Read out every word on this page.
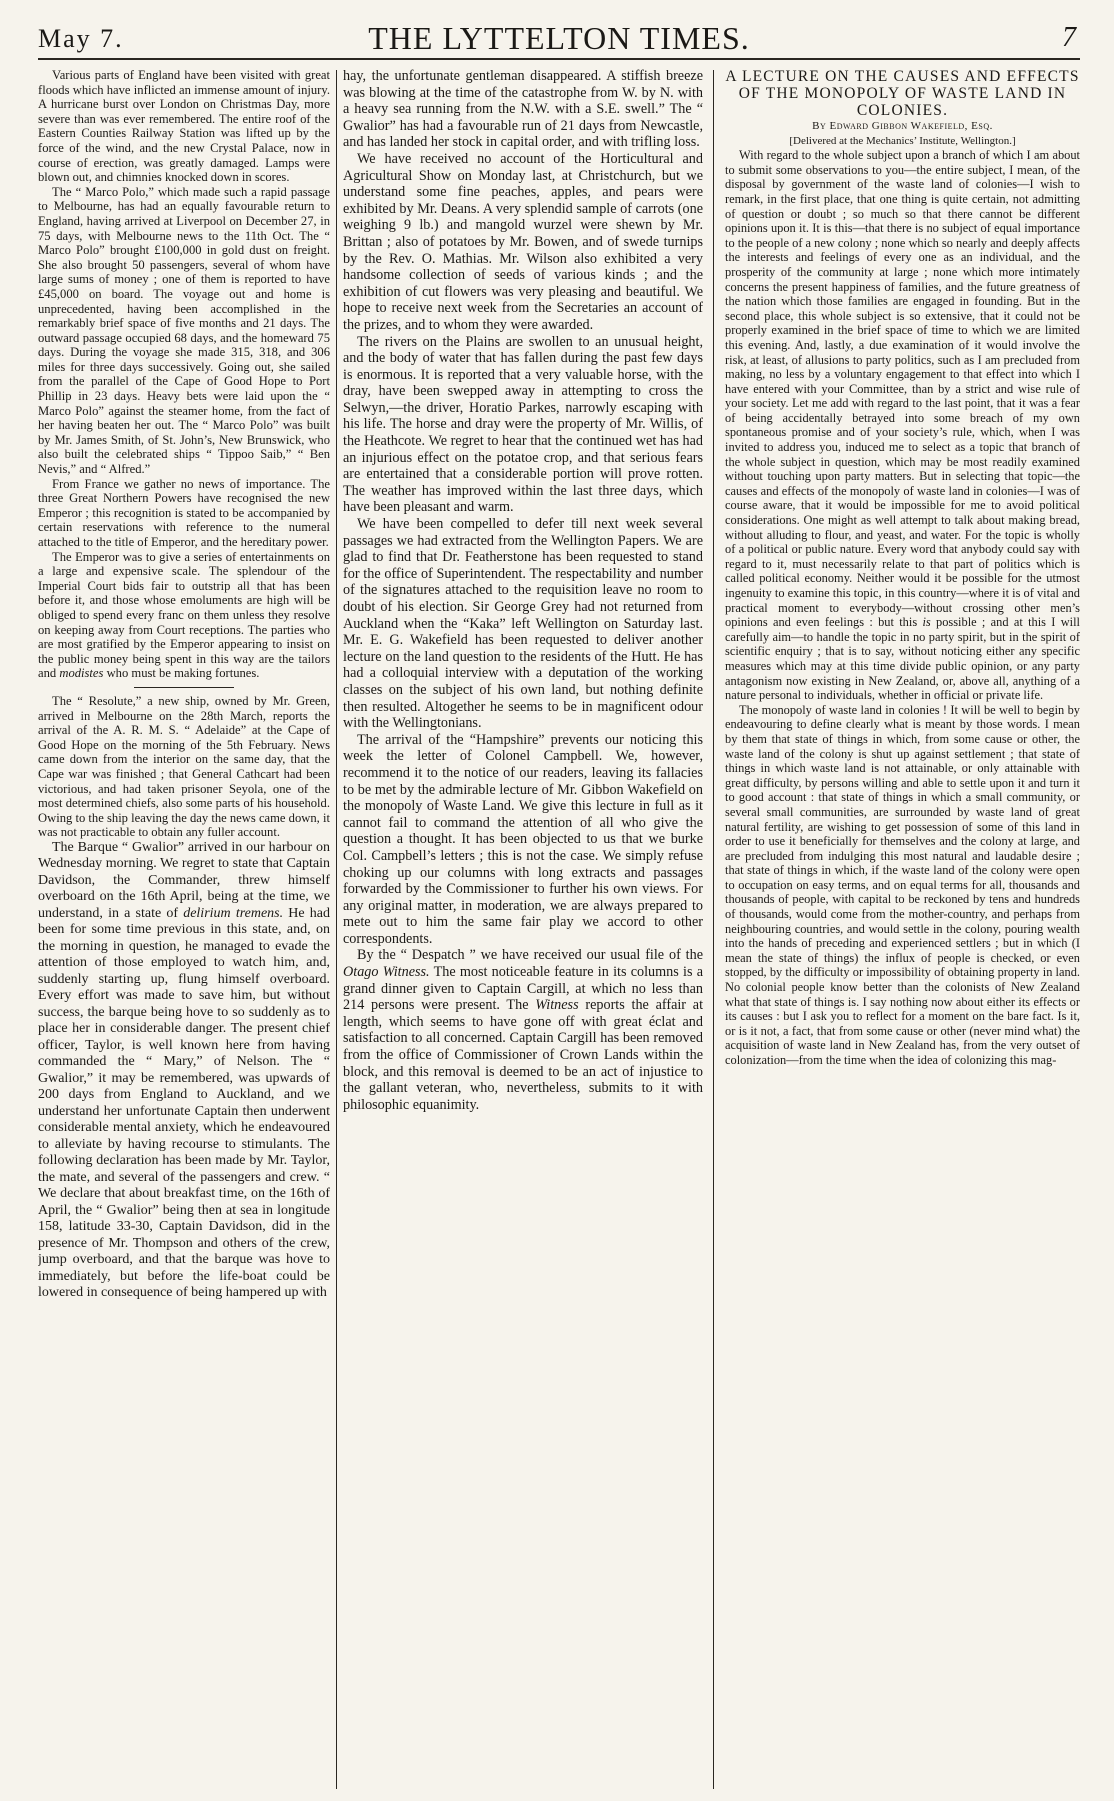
May 7.	THE LYTTELTON TIMES.	7

Various parts of England have been visited with great floods which have inflicted an immense amount of injury. A hurricane burst over London on Christmas Day, more severe than was ever remembered. The entire roof of the Eastern Counties Railway Station was lifted up by the force of the wind, and the new Crystal Palace, now in course of erection, was greatly damaged. Lamps were blown out, and chimnies knocked down in scores.

The “ Marco Polo,” which made such a rapid passage to Melbourne, has had an equally favourable return to England, having arrived at Liverpool on December 27, in 75 days, with Melbourne news to the 11th Oct. The “ Marco Polo” brought £100,000 in gold dust on freight. She also brought 50 passengers, several of whom have large sums of money ; one of them is reported to have £45,000 on board. The voyage out and home is unprecedented, having been accomplished in the remarkably brief space of five months and 21 days. The outward passage occupied 68 days, and the homeward 75 days. During the voyage she made 315, 318, and 306 miles for three days successively. Going out, she sailed from the parallel of the Cape of Good Hope to Port Phillip in 23 days. Heavy bets were laid upon the “ Marco Polo” against the steamer home, from the fact of her having beaten her out. The “ Marco Polo” was built by Mr. James Smith, of St. John’s, New Brunswick, who also built the celebrated ships “ Tippoo Saib,” “ Ben Nevis,” and “ Alfred.”

From France we gather no news of importance. The three Great Northern Powers have recognised the new Emperor ; this recognition is stated to be accompanied by certain reservations with reference to the numeral attached to the title of Emperor, and the hereditary power.

The Emperor was to give a series of entertainments on a large and expensive scale. The splendour of the Imperial Court bids fair to outstrip all that has been before it, and those whose emoluments are high will be obliged to spend every franc on them unless they resolve on keeping away from Court receptions. The parties who are most gratified by the Emperor appearing to insist on the public money being spent in this way are the tailors and modistes who must be making fortunes.

The “ Resolute,” a new ship, owned by Mr. Green, arrived in Melbourne on the 28th March, reports the arrival of the A. R. M. S. “ Adelaide” at the Cape of Good Hope on the morning of the 5th February. News came down from the interior on the same day, that the Cape war was finished ; that General Cathcart had been victorious, and had taken prisoner Seyola, one of the most determined chiefs, also some parts of his household. Owing to the ship leaving the day the news came down, it was not practicable to obtain any fuller account.

The Barque “ Gwalior” arrived in our harbour on Wednesday morning. We regret to state that Captain Davidson, the Commander, threw himself overboard on the 16th April, being at the time, we understand, in a state of delirium tremens. He had been for some time previous in this state, and, on the morning in question, he managed to evade the attention of those employed to watch him, and, suddenly starting up, flung himself overboard. Every effort was made to save him, but without success, the barque being hove to so suddenly as to place her in considerable danger. The present chief officer, Taylor, is well known here from having commanded the “ Mary,” of Nelson. The “ Gwalior,” it may be remembered, was upwards of 200 days from England to Auckland, and we understand her unfortunate Captain then underwent considerable mental anxiety, which he endeavoured to alleviate by having recourse to stimulants. The following declaration has been made by Mr. Taylor, the mate, and several of the passengers and crew. “ We declare that about breakfast time, on the 16th of April, the “ Gwalior” being then at sea in longitude 158, latitude 33-30, Captain Davidson, did in the presence of Mr. Thompson and others of the crew, jump overboard, and that the barque was hove to immediately, but before the life-boat could be lowered in consequence of being hampered up with

hay, the unfortunate gentleman disappeared. A stiffish breeze was blowing at the time of the catastrophe from W. by N. with a heavy sea running from the N.W. with a S.E. swell.” The “ Gwalior” has had a favourable run of 21 days from Newcastle, and has landed her stock in capital order, and with trifling loss.

We have received no account of the Horticultural and Agricultural Show on Monday last, at Christchurch, but we understand some fine peaches, apples, and pears were exhibited by Mr. Deans. A very splendid sample of carrots (one weighing 9 lb.) and mangold wurzel were shewn by Mr. Brittan ; also of potatoes by Mr. Bowen, and of swede turnips by the Rev. O. Mathias. Mr. Wilson also exhibited a very handsome collection of seeds of various kinds ; and the exhibition of cut flowers was very pleasing and beautiful. We hope to receive next week from the Secretaries an account of the prizes, and to whom they were awarded.

The rivers on the Plains are swollen to an unusual height, and the body of water that has fallen during the past few days is enormous. It is reported that a very valuable horse, with the dray, have been swepped away in attempting to cross the Selwyn,—the driver, Horatio Parkes, narrowly escaping with his life. The horse and dray were the property of Mr. Willis, of the Heathcote. We regret to hear that the continued wet has had an injurious effect on the potatoe crop, and that serious fears are entertained that a considerable portion will prove rotten. The weather has improved within the last three days, which have been pleasant and warm.

We have been compelled to defer till next week several passages we had extracted from the Wellington Papers. We are glad to find that Dr. Featherstone has been requested to stand for the office of Superintendent. The respectability and number of the signatures attached to the requisition leave no room to doubt of his election. Sir George Grey had not returned from Auckland when the “Kaka” left Wellington on Saturday last. Mr. E. G. Wakefield has been requested to deliver another lecture on the land question to the residents of the Hutt. He has had a colloquial interview with a deputation of the working classes on the subject of his own land, but nothing definite then resulted. Altogether he seems to be in magnificent odour with the Wellingtonians.

The arrival of the “Hampshire” prevents our noticing this week the letter of Colonel Campbell. We, however, recommend it to the notice of our readers, leaving its fallacies to be met by the admirable lecture of Mr. Gibbon Wakefield on the monopoly of Waste Land. We give this lecture in full as it cannot fail to command the attention of all who give the question a thought. It has been objected to us that we burke Col. Campbell’s letters ; this is not the case. We simply refuse choking up our columns with long extracts and passages forwarded by the Commissioner to further his own views. For any original matter, in moderation, we are always prepared to mete out to him the same fair play we accord to other correspondents.

By the “ Despatch ” we have received our usual file of the Otago Witness. The most noticeable feature in its columns is a grand dinner given to Captain Cargill, at which no less than 214 persons were present. The Witness reports the affair at length, which seems to have gone off with great éclat and satisfaction to all concerned. Captain Cargill has been removed from the office of Commissioner of Crown Lands within the block, and this removal is deemed to be an act of injustice to the gallant veteran, who, nevertheless, submits to it with philosophic equanimity.

A LECTURE ON THE CAUSES AND EFFECTS OF THE MONOPOLY OF WASTE LAND IN COLONIES.

By Edward Gibbon Wakefield, Esq.

[Delivered at the Mechanics’ Institute, Wellington.]

With regard to the whole subject upon a branch of which I am about to submit some observations to you—the entire subject, I mean, of the disposal by government of the waste land of colonies—I wish to remark, in the first place, that one thing is quite certain, not admitting of question or doubt ; so much so that there cannot be different opinions upon it. It is this—that there is no subject of equal importance to the people of a new colony ; none which so nearly and deeply affects the interests and feelings of every one as an individual, and the prosperity of the community at large ; none which more intimately concerns the present happiness of families, and the future greatness of the nation which those families are engaged in founding. But in the second place, this whole subject is so extensive, that it could not be properly examined in the brief space of time to which we are limited this evening. And, lastly, a due examination of it would involve the risk, at least, of allusions to party politics, such as I am precluded from making, no less by a voluntary engagement to that effect into which I have entered with your Committee, than by a strict and wise rule of your society. Let me add with regard to the last point, that it was a fear of being accidentally betrayed into some breach of my own spontaneous promise and of your society’s rule, which, when I was invited to address you, induced me to select as a topic that branch of the whole subject in question, which may be most readily examined without touching upon party matters. But in selecting that topic—the causes and effects of the monopoly of waste land in colonies—I was of course aware, that it would be impossible for me to avoid political considerations. One might as well attempt to talk about making bread, without alluding to flour, and yeast, and water. For the topic is wholly of a political or public nature. Every word that anybody could say with regard to it, must necessarily relate to that part of politics which is called political economy. Neither would it be possible for the utmost ingenuity to examine this topic, in this country—where it is of vital and practical moment to everybody—without crossing other men’s opinions and even feelings : but this is possible ; and at this I will carefully aim—to handle the topic in no party spirit, but in the spirit of scientific enquiry ; that is to say, without noticing either any specific measures which may at this time divide public opinion, or any party antagonism now existing in New Zealand, or, above all, anything of a nature personal to individuals, whether in official or private life.

The monopoly of waste land in colonies ! It will be well to begin by endeavouring to define clearly what is meant by those words. I mean by them that state of things in which, from some cause or other, the waste land of the colony is shut up against settlement ; that state of things in which waste land is not attainable, or only attainable with great difficulty, by persons willing and able to settle upon it and turn it to good account : that state of things in which a small community, or several small communities, are surrounded by waste land of great natural fertility, are wishing to get possession of some of this land in order to use it beneficially for themselves and the colony at large, and are precluded from indulging this most natural and laudable desire ; that state of things in which, if the waste land of the colony were open to occupation on easy terms, and on equal terms for all, thousands and thousands of people, with capital to be reckoned by tens and hundreds of thousands, would come from the mother-country, and perhaps from neighbouring countries, and would settle in the colony, pouring wealth into the hands of preceding and experienced settlers ; but in which (I mean the state of things) the influx of people is checked, or even stopped, by the difficulty or impossibility of obtaining property in land. No colonial people know better than the colonists of New Zealand what that state of things is. I say nothing now about either its effects or its causes : but I ask you to reflect for a moment on the bare fact. Is it, or is it not, a fact, that from some cause or other (never mind what) the acquisition of waste land in New Zealand has, from the very outset of colonization—from the time when the idea of colonizing this mag-
